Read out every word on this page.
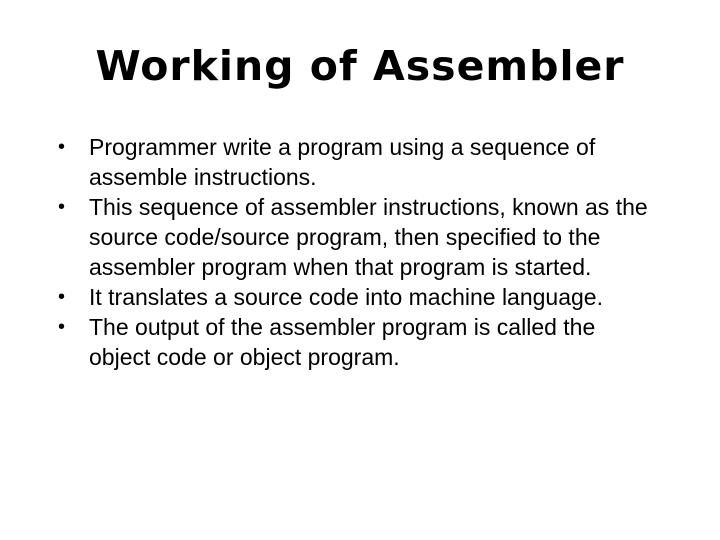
Working of Assembler
•	Programmer write a program using a sequence of assemble instructions.
•	This sequence of assembler instructions, known as the source code/source program, then specified to the assembler program when that program is started.
•	It translates a source code into machine language.
•	The output of the assembler program is called the object code or object program.
